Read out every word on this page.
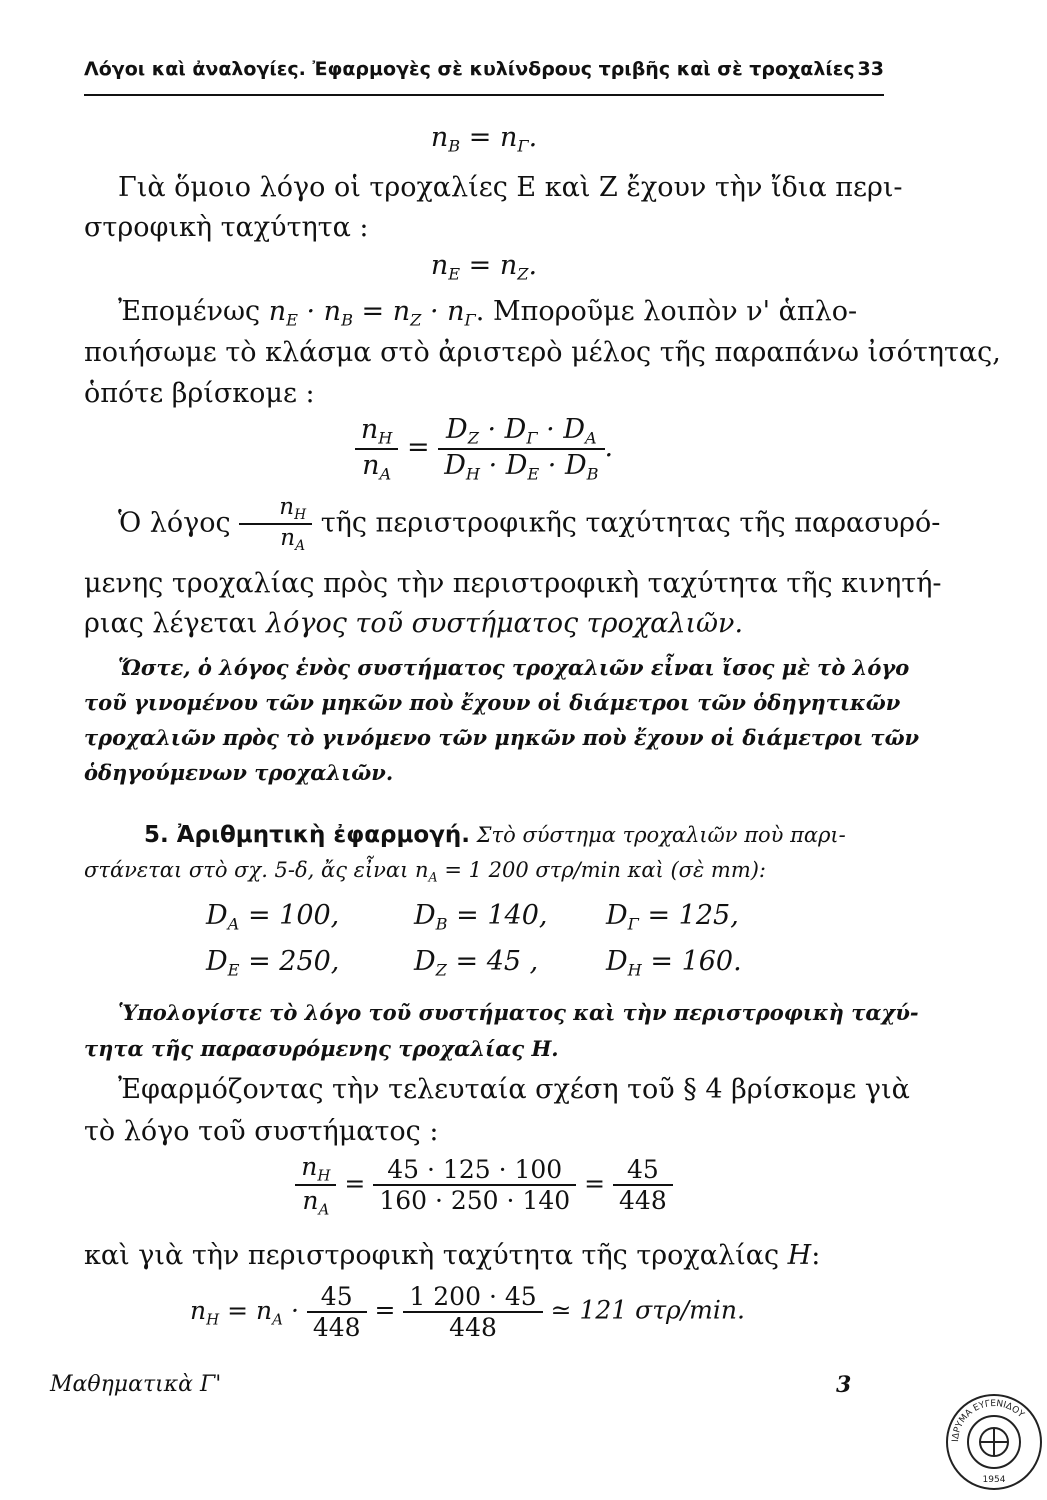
Λόγοι καὶ ἀναλογίες. Ἐφαρμογὲς σὲ κυλίνδρους τριβῆς καὶ σὲ τροχαλίες 33
$n_B = n_\Gamma$.
Γιὰ ὅμοιο λόγο οἱ τροχαλίες Ε καὶ Ζ ἔχουν τὴν ἴδια περι-
στροφικὴ ταχύτητα :
$n_E = n_Z$.
Ἐπομένως $n_E \cdot n_B = n_Z \cdot n_\Gamma$. Μποροῦμε λοιπὸν ν' ἁπλο-
ποιήσωμε τὸ κλάσμα στὸ ἀριστερὸ μέλος τῆς παραπάνω ἰσότητας,
ὁπότε βρίσκομε :
$\frac{n_H}{n_A} = \frac{D_Z \cdot D_\Gamma \cdot D_A}{D_H \cdot D_E \cdot D_B}$ .
Ὁ λόγος $\frac{n_H}{n_A}$ τῆς περιστροφικῆς ταχύτητας τῆς παρασυρό-
μενης τροχαλίας πρὸς τὴν περιστροφικὴ ταχύτητα τῆς κινητή-
ριας λέγεται λόγος τοῦ συστήματος τροχαλιῶν.
Ὥστε, ὁ λόγος ἑνὸς συστήματος τροχαλιῶν εἶναι ἴσος μὲ τὸ λόγο
τοῦ γινομένου τῶν μηκῶν ποὺ ἔχουν οἱ διάμετροι τῶν ὁδηγητικῶν
τροχαλιῶν πρὸς τὸ γινόμενο τῶν μηκῶν ποὺ ἔχουν οἱ διάμετροι τῶν
ὁδηγούμενων τροχαλιῶν.
5. Ἀριθμητικὴ ἐφαρμογή. Στὸ σύστημα τροχαλιῶν ποὺ παρι-
στάνεται στὸ σχ. 5-δ, ἄς εἶναι $n_A = 1$ 200 στρ/min καὶ (σὲ mm):
$D_A = 100$,	$D_B = 140$, $D_\Gamma = 125$,
$D_E = 250$,	$D_Z = 45$ ,	$D_H = 160$.
Ὑπολογίστε τὸ λόγο τοῦ συστήματος καὶ τὴν περιστροφικὴ ταχύ-
τητα τῆς παρασυρόμενης τροχαλίας Η.
Ἐφαρμόζοντας τὴν τελευταία σχέση τοῦ § 4 βρίσκομε γιὰ
τὸ λόγο τοῦ συστήματος :
$\frac{n_H}{n_A} = \frac{45 \cdot 125 \cdot 100}{160 \cdot 250 \cdot 140} = \frac{45}{448}$
καὶ γιὰ τὴν περιστροφικὴ ταχύτητα τῆς τροχαλίας H:
$n_H = n_A \cdot \frac{45}{448} = \frac{1 200 \cdot 45}{448}$ ≃ 121 στρ/min.
Μαθηματικὰ Γ'	3
ΙΔΡΥΜΑ ΕΥΓΕΝΙΔΟΥ
1954
